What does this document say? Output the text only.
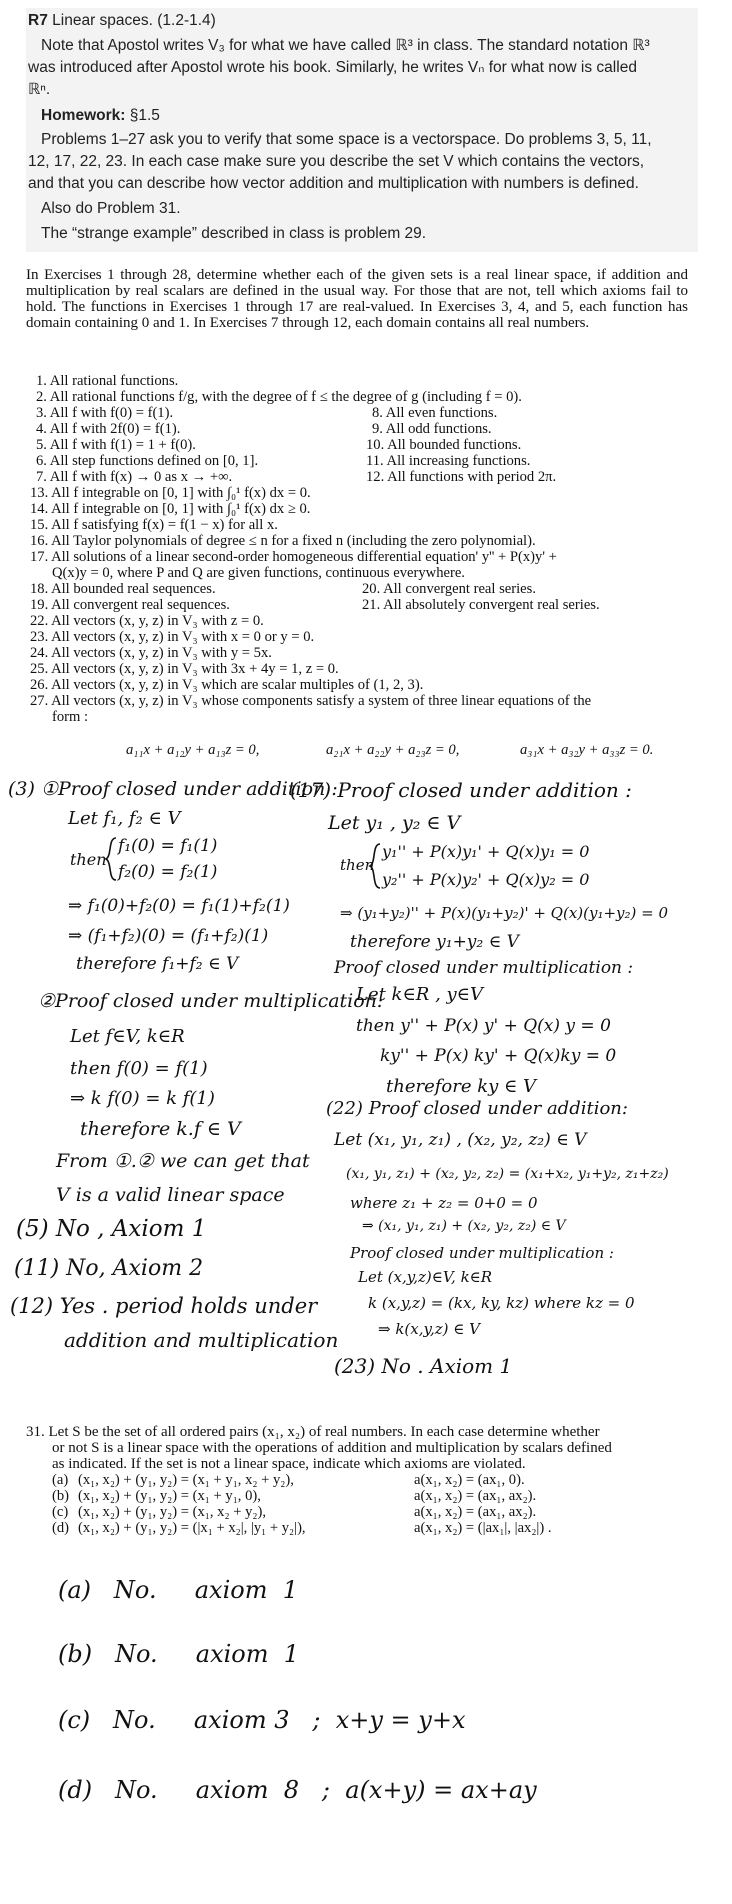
R7 Linear spaces. (1.2-1.4)
Note that Apostol writes V₃ for what we have called ℝ³ in class. The standard notation ℝ³
was introduced after Apostol wrote his book. Similarly, he writes Vₙ for what now is called
ℝⁿ.
Homework: §1.5
Problems 1–27 ask you to verify that some space is a vectorspace. Do problems 3, 5, 11,
12, 17, 22, 23. In each case make sure you describe the set V which contains the vectors,
and that you can describe how vector addition and multiplication with numbers is defined.
Also do Problem 31.
The “strange example” described in class is problem 29.
In Exercises 1 through 28, determine whether each of the given sets is a real linear space, if addition and multiplication by real scalars are defined in the usual way. For those that are not, tell which axioms fail to hold. The functions in Exercises 1 through 17 are real-valued. In Exercises 3, 4, and 5, each function has domain containing 0 and 1. In Exercises 7 through 12, each domain contains all real numbers.
1. All rational functions.
2. All rational functions f/g, with the degree of f ≤ the degree of g (including f = 0).
3. All f with f(0) = f(1).
4. All f with 2f(0) = f(1).
5. All f with f(1) = 1 + f(0).
6. All step functions defined on [0, 1].
7. All f with f(x) → 0 as x → +∞.
8. All even functions.
9. All odd functions.
10. All bounded functions.
11. All increasing functions.
12. All functions with period 2π.
13. All f integrable on [0, 1] with ∫₀¹ f(x) dx = 0.
14. All f integrable on [0, 1] with ∫₀¹ f(x) dx ≥ 0.
15. All f satisfying f(x) = f(1 − x) for all x.
16. All Taylor polynomials of degree ≤ n for a fixed n (including the zero polynomial).
17. All solutions of a linear second-order homogeneous differential equation' y'' + P(x)y' +
Q(x)y = 0, where P and Q are given functions, continuous everywhere.
18. All bounded real sequences.
19. All convergent real sequences.
20. All convergent real series.
21. All absolutely convergent real series.
22. All vectors (x, y, z) in V₃ with z = 0.
23. All vectors (x, y, z) in V₃ with x = 0 or y = 0.
24. All vectors (x, y, z) in V₃ with y = 5x.
25. All vectors (x, y, z) in V₃ with 3x + 4y = 1, z = 0.
26. All vectors (x, y, z) in V₃ which are scalar multiples of (1, 2, 3).
27. All vectors (x, y, z) in V₃ whose components satisfy a system of three linear equations of the
form :
a₁₁x + a₁₂y + a₁₃z = 0,	a₂₁x + a₂₂y + a₂₃z = 0,	a₃₁x + a₃₂y + a₃₃z = 0.
(3) ①Proof closed under addition :
Let f₁, f₂ ∈ V
f₁(0) = f₁(1)
then
f₂(0) = f₂(1)
⇒ f₁(0)+f₂(0) = f₁(1)+f₂(1)
⇒ (f₁+f₂)(0) = (f₁+f₂)(1)
therefore f₁+f₂ ∈ V
②Proof closed under multiplication:
Let f∈V, k∈R
then f(0) = f(1)
⇒ k f(0) = k f(1)
therefore k.f ∈ V
From ①.② we can get that
V is a valid linear space
(5) No , Axiom 1
(11) No, Axiom 2
(12) Yes . period holds under
addition and multiplication
(17) Proof closed under addition :
Let y₁ , y₂ ∈ V
y₁'' + P(x)y₁' + Q(x)y₁ = 0
then
y₂'' + P(x)y₂' + Q(x)y₂ = 0
⇒ (y₁+y₂)'' + P(x)(y₁+y₂)' + Q(x)(y₁+y₂) = 0
therefore y₁+y₂ ∈ V
Proof closed under multiplication :
Let k∈R , y∈V
then y'' + P(x) y' + Q(x) y = 0
ky'' + P(x) ky' + Q(x)ky = 0
therefore ky ∈ V
(22) Proof closed under addition:
Let (x₁, y₁, z₁) , (x₂, y₂, z₂) ∈ V
(x₁, y₁, z₁) + (x₂, y₂, z₂) = (x₁+x₂, y₁+y₂, z₁+z₂)
where z₁ + z₂ = 0+0 = 0
⇒ (x₁, y₁, z₁) + (x₂, y₂, z₂) ∈ V
Proof closed under multiplication :
Let (x,y,z)∈V, k∈R
k (x,y,z) = (kx, ky, kz) where kz = 0
⇒ k(x,y,z) ∈ V
(23) No . Axiom 1
31. Let S be the set of all ordered pairs (x₁, x₂) of real numbers. In each case determine whether
or not S is a linear space with the operations of addition and multiplication by scalars defined
as indicated. If the set is not a linear space, indicate which axioms are violated.
(a) (x₁, x₂) + (y₁, y₂) = (x₁ + y₁, x₂ + y₂),	a(x₁, x₂) = (ax₁, 0).
(b) (x₁, x₂) + (y₁, y₂) = (x₁ + y₁, 0),	a(x₁, x₂) = (ax₁, ax₂).
(c) (x₁, x₂) + (y₁, y₂) = (x₁, x₂ + y₂),	a(x₁, x₂) = (ax₁, ax₂).
(d) (x₁, x₂) + (y₁, y₂) = (|x₁ + x₂|, |y₁ + y₂|),	a(x₁, x₂) = (|ax₁|, |ax₂|) .
(a)   No.     axiom  1
(b)   No.     axiom  1
(c)   No.     axiom 3   ;  x+y = y+x
(d)   No.     axiom  8   ;  a(x+y) = ax+ay
